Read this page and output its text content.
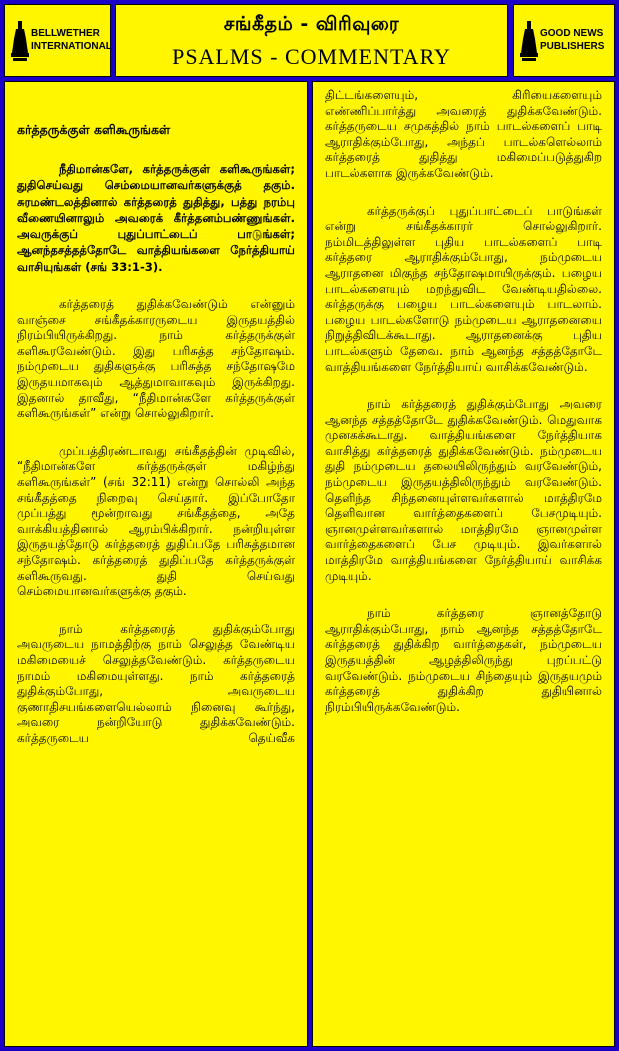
BELLWETHER INTERNATIONAL
சங்கீதம் - விரிவுரை
PSALMS - COMMENTARY
GOOD NEWS PUBLISHERS
கர்த்தருக்குள் களிகூருங்கள்

நீதிமான்களே, கர்த்தருக்குள் களிகூருங்கள்; துதிசெய்வது செம்மையானவர்களுக்குத் தகும். சுரமண்டலத்தினால் கர்த்தரைத் துதித்து, பத்து நரம்பு வீணையினாலும் அவரைக் கீர்த்தனம்பண்ணுங்கள். அவருக்குப் புதுப்பாட்டைப் பாடுங்கள்; ஆனந்தசத்தத்தோடே வாத்தியங்களை நேர்த்தியாய் வாசியுங்கள் (சங் 33:1-3).

கர்த்தரைத் துதிக்கவேண்டும் என்னும் வாஞ்சை சங்கீதக்காரருடைய இருதயத்தில் நிரம்பியிருக்கிறது. நாம் கர்த்தருக்குள் களிகூரவேண்டும். இது பரிசுத்த சந்தோஷம். நம்முடைய துதிகளுக்கு பரிசுத்த சந்தோஷமே இருதயமாகவும் ஆத்துமாவாகவும் இருக்கிறது. இதனால் தாவீது, “நீதிமான்களே கர்த்தருக்குள் களிகூருங்கள்” என்று சொல்லுகிறார்.

முப்பத்திரண்டாவது சங்கீதத்தின் முடிவில், “நீதிமான்களே கர்த்தருக்குள் மகிழ்ந்து களிகூருங்கள்” (சங் 32:11) என்று சொல்லி அந்த சங்கீதத்தை நிறைவு செய்தார். இப்போதோ முப்பத்து மூன்றாவது சங்கீதத்தை, அதே வாக்கியத்தினால் ஆரம்பிக்கிறார். நன்றியுள்ள இருதயத்தோடு கர்த்தரைத் துதிப்பதே பரிசுத்தமான சந்தோஷம். கர்த்தரைத் துதிப்பதே கர்த்தருக்குள் களிகூருவது. துதி செய்வது செம்மையானவர்களுக்கு தகும்.

நாம் கர்த்தரைத் துதிக்கும்போது அவருடைய நாமத்திற்கு நாம் செலுத்த வேண்டிய மகிமையைச் செலுத்தவேண்டும். கர்த்தருடைய நாமம் மகிமையுள்ளது. நாம் கர்த்தரைத் துதிக்கும்போது, அவருடைய குணாதிசயங்களையெல்லாம் நினைவு கூர்ந்து, அவரை நன்றியோடு துதிக்கவேண்டும். கர்த்தருடைய தெய்வீக

திட்டங்களையும், கிரியைகளையும் எண்ணிப்பார்த்து அவரைத் துதிக்கவேண்டும். கர்த்தருடைய சமுகத்தில் நாம் பாடல்களைப் பாடி ஆராதிக்கும்போது, அந்தப் பாடல்களெல்லாம் கர்த்தரைத் துதித்து மகிமைப்படுத்துகிற பாடல்களாக இருக்கவேண்டும்.

கர்த்தருக்குப் புதுப்பாட்டைப் பாடுங்கள் என்று சங்கீதக்காரர் சொல்லுகிறார். நம்மிடத்திலுள்ள புதிய பாடல்களைப் பாடி கர்த்தரை ஆராதிக்கும்போது, நம்முடைய ஆராதனை மிகுந்த சந்தோஷமாயிருக்கும். பழைய பாடல்களையும் மறந்துவிட வேண்டியதில்லை. கர்த்தருக்கு பழைய பாடல்களையும் பாடலாம். பழைய பாடல்களோடு நம்முடைய ஆராதனையை நிறுத்திவிடக்கூடாது. ஆராதனைக்கு புதிய பாடல்களும் தேவை. நாம் ஆனந்த சத்தத்தோடே வாத்தியங்களை நேர்த்தியாய் வாசிக்கவேண்டும்.

நாம் கர்த்தரைத் துதிக்கும்போது அவரை ஆனந்த சத்தத்தோடே துதிக்கவேண்டும். மெதுவாக முனகக்கூடாது. வாத்தியங்களை நேர்த்தியாக வாசித்து கர்த்தரைத் துதிக்கவேண்டும். நம்முடைய துதி நம்முடைய தலையிலிருந்தும் வரவேண்டும், நம்முடைய இருதயத்திலிருந்தும் வரவேண்டும். தெளிந்த சிந்தனையுள்ளவர்களால் மாத்திரமே தெளிவான வார்த்தைகளைப் பேசமுடியும். ஞானமுள்ளவர்களால் மாத்திரமே ஞானமுள்ள வார்த்தைகளைப் பேச முடியும். இவர்களால் மாத்திரமே வாத்தியங்களை நேர்த்தியாய் வாசிக்க முடியும்.

நாம் கர்த்தரை ஞானத்தோடு ஆராதிக்கும்போது, நாம் ஆனந்த சத்தத்தோடே கர்த்தரைத் துதிக்கிற வார்த்தைகள், நம்முடைய இருதயத்தின் ஆழத்திலிருந்து புறப்பட்டு வரவேண்டும். நம்முடைய சிந்தையும் இருதயமும் கர்த்தரைத் துதிக்கிற துதியினால் நிரம்பியிருக்கவேண்டும்.
